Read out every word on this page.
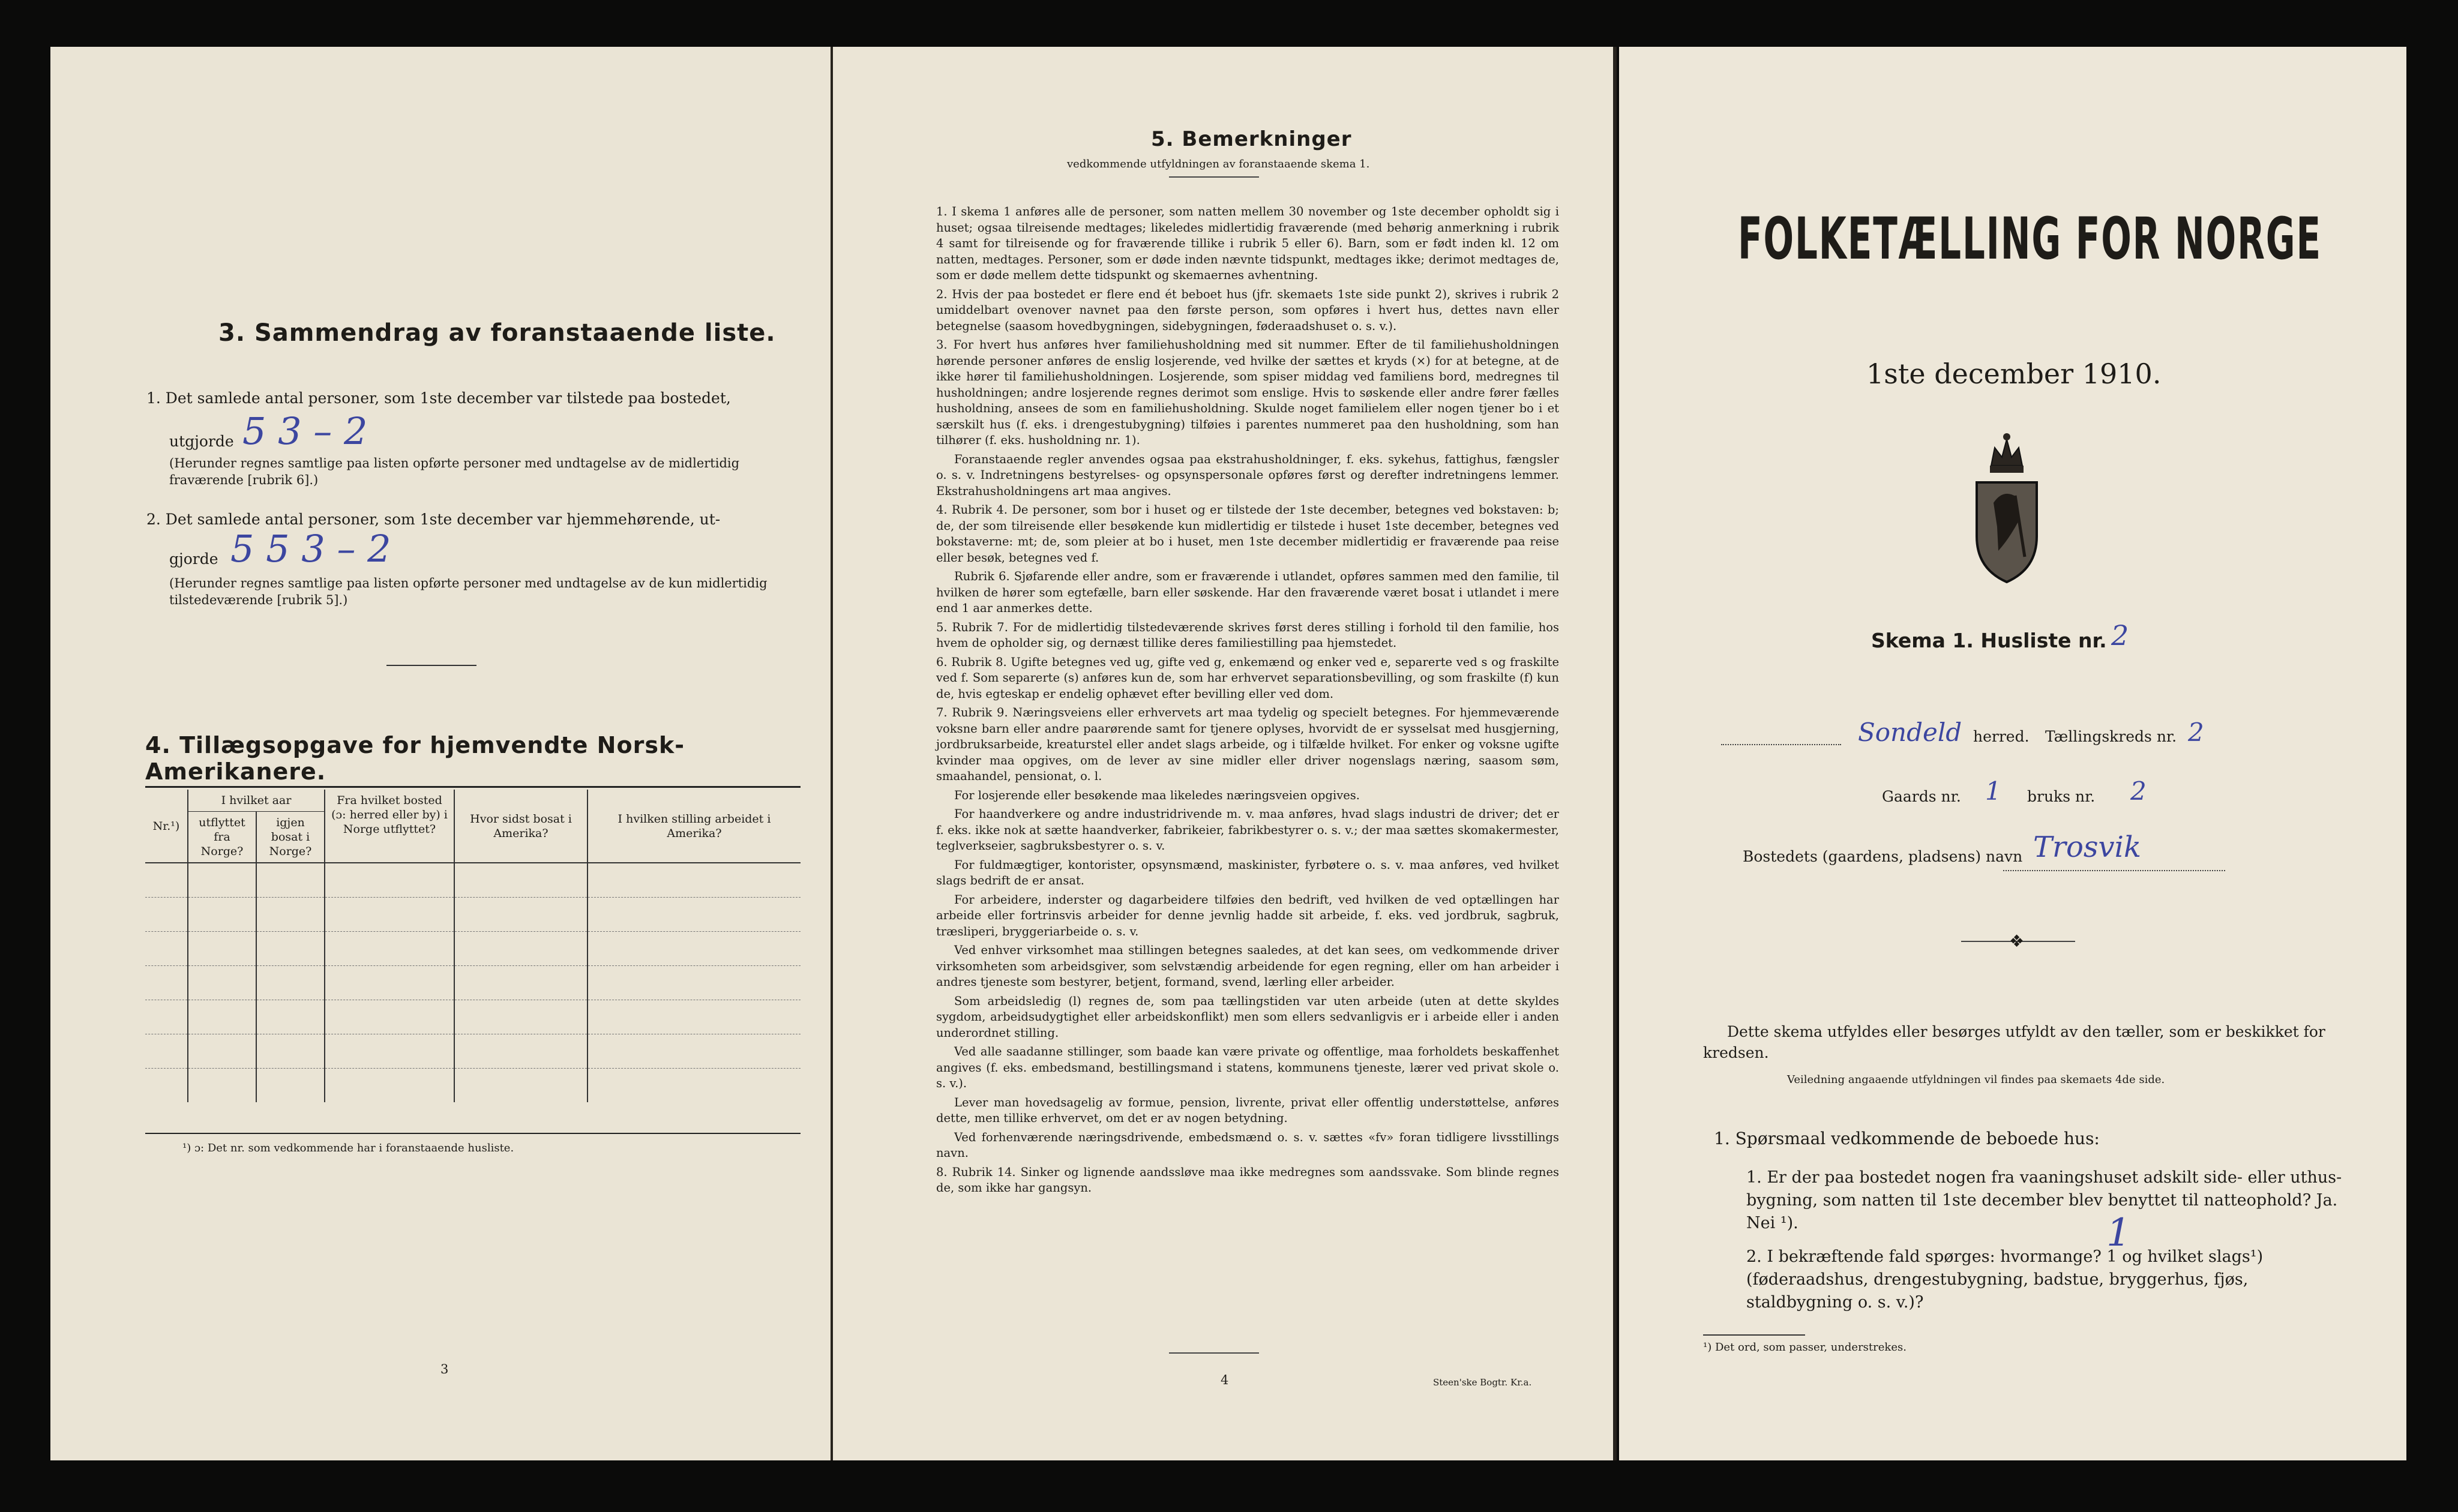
3. Sammendrag av foranstaaende liste.
1. Det samlede antal personer, som 1ste december var tilstede paa bostedet,
utgjorde 5 3 – 2
(Herunder regnes samtlige paa listen opførte personer med undtagelse av de midlertidig fraværende [rubrik 6].)
2. Det samlede antal personer, som 1ste december var hjemmehørende, ut-
gjorde 5 5 3 – 2
(Herunder regnes samtlige paa listen opførte personer med undtagelse av de kun midlertidig tilstedeværende [rubrik 5].)
4. Tillægsopgave for hjemvendte Norsk-Amerikanere.
Nr.¹)	I hvilket aar		Fra hvilket bosted (ɔ: herred eller by) i Norge utflyttet?	Hvor sidst bosat i Amerika?	I hvilken stilling arbeidet i Amerika?
	utflyttet fra Norge?	igjen bosat i Norge?			

¹) ɔ: Det nr. som vedkommende har i foranstaaende husliste.
3
5. Bemerkninger
vedkommende utfyldningen av foranstaaende skema 1.

1. I skema 1 anføres alle de personer, som natten mellem 30 november og 1ste december opholdt sig i huset; ogsaa tilreisende medtages; likeledes midlertidig fraværende (med behørig anmerkning i rubrik 4 samt for tilreisende og for fraværende tillike i rubrik 5 eller 6). Barn, som er født inden kl. 12 om natten, medtages. Personer, som er døde inden nævnte tidspunkt, medtages ikke; derimot medtages de, som er døde mellem dette tidspunkt og skemaernes avhentning.

2. Hvis der paa bostedet er flere end ét beboet hus (jfr. skemaets 1ste side punkt 2), skrives i rubrik 2 umiddelbart ovenover navnet paa den første person, som opføres i hvert hus, dettes navn eller betegnelse (saasom hovedbygningen, sidebygningen, føderaadshuset o. s. v.).

3. For hvert hus anføres hver familiehusholdning med sit nummer. Efter de til familiehusholdningen hørende personer anføres de enslig losjerende, ved hvilke der sættes et kryds (×) for at betegne, at de ikke hører til familiehusholdningen. Losjerende, som spiser middag ved familiens bord, medregnes til husholdningen; andre losjerende regnes derimot som enslige. Hvis to søskende eller andre fører fælles husholdning, ansees de som en familiehusholdning. Skulde noget familielem eller nogen tjener bo i et særskilt hus (f. eks. i drengestubygning) tilføies i parentes nummeret paa den husholdning, som han tilhører (f. eks. husholdning nr. 1).

Foranstaaende regler anvendes ogsaa paa ekstrahusholdninger, f. eks. sykehus, fattighus, fængsler o. s. v. Indretningens bestyrelses- og opsynspersonale opføres først og derefter indretningens lemmer. Ekstrahusholdningens art maa angives.

4. Rubrik 4. De personer, som bor i huset og er tilstede der 1ste december, betegnes ved bokstaven: b; de, der som tilreisende eller besøkende kun midlertidig er tilstede i huset 1ste december, betegnes ved bokstaverne: mt; de, som pleier at bo i huset, men 1ste december midlertidig er fraværende paa reise eller besøk, betegnes ved f.

Rubrik 6. Sjøfarende eller andre, som er fraværende i utlandet, opføres sammen med den familie, til hvilken de hører som egtefælle, barn eller søskende. Har den fraværende været bosat i utlandet i mere end 1 aar anmerkes dette.

5. Rubrik 7. For de midlertidig tilstedeværende skrives først deres stilling i forhold til den familie, hos hvem de opholder sig, og dernæst tillike deres familiestilling paa hjemstedet.

6. Rubrik 8. Ugifte betegnes ved ug, gifte ved g, enkemænd og enker ved e, separerte ved s og fraskilte ved f. Som separerte (s) anføres kun de, som har erhvervet separationsbevilling, og som fraskilte (f) kun de, hvis egteskap er endelig ophævet efter bevilling eller ved dom.

7. Rubrik 9. Næringsveiens eller erhvervets art maa tydelig og specielt betegnes. For hjemmeværende voksne barn eller andre paarørende samt for tjenere oplyses, hvorvidt de er sysselsat med husgjerning, jordbruksarbeide, kreaturstel eller andet slags arbeide, og i tilfælde hvilket. For enker og voksne ugifte kvinder maa opgives, om de lever av sine midler eller driver nogenslags næring, saasom søm, smaahandel, pensionat, o. l.

For losjerende eller besøkende maa likeledes næringsveien opgives.

For haandverkere og andre industridrivende m. v. maa anføres, hvad slags industri de driver; det er f. eks. ikke nok at sætte haandverker, fabrikeier, fabrikbestyrer o. s. v.; der maa sættes skomakermester, teglverkseier, sagbruksbestyrer o. s. v.

For fuldmægtiger, kontorister, opsynsmænd, maskinister, fyrbøtere o. s. v. maa anføres, ved hvilket slags bedrift de er ansat.

For arbeidere, inderster og dagarbeidere tilføies den bedrift, ved hvilken de ved optællingen har arbeide eller fortrinsvis arbeider for denne jevnlig hadde sit arbeide, f. eks. ved jordbruk, sagbruk, træsliperi, bryggeriarbeide o. s. v.

Ved enhver virksomhet maa stillingen betegnes saaledes, at det kan sees, om vedkommende driver virksomheten som arbeidsgiver, som selvstændig arbeidende for egen regning, eller om han arbeider i andres tjeneste som bestyrer, betjent, formand, svend, lærling eller arbeider.

Som arbeidsledig (l) regnes de, som paa tællingstiden var uten arbeide (uten at dette skyldes sygdom, arbeidsudygtighet eller arbeidskonflikt) men som ellers sedvanligvis er i arbeide eller i anden underordnet stilling.

Ved alle saadanne stillinger, som baade kan være private og offentlige, maa forholdets beskaffenhet angives (f. eks. embedsmand, bestillingsmand i statens, kommunens tjeneste, lærer ved privat skole o. s. v.).

Lever man hovedsagelig av formue, pension, livrente, privat eller offentlig understøttelse, anføres dette, men tillike erhvervet, om det er av nogen betydning.

Ved forhenværende næringsdrivende, embedsmænd o. s. v. sættes «fv» foran tidligere livsstillings navn.

8. Rubrik 14. Sinker og lignende aandssløve maa ikke medregnes som aandssvake. Som blinde regnes de, som ikke har gangsyn.

4	Steen'ske Bogtr. Kr.a.
FOLKETÆLLING FOR NORGE
1ste december 1910.
Skema 1. Husliste nr. 2
Sondeld herred. Tællingskreds nr. 2
Gaards nr. 1 bruks nr. 2
Bostedets (gaardens, pladsens) navn Trosvik
❖
Dette skema utfyldes eller besørges utfyldt av den tæller, som er beskikket for kredsen.
Veiledning angaaende utfyldningen vil findes paa skemaets 4de side.
1. Spørsmaal vedkommende de beboede hus:
1. Er der paa bostedet nogen fra vaaningshuset adskilt side- eller uthus-bygning, som natten til 1ste december blev benyttet til natteophold? Ja. Nei ¹).
2. I bekræftende fald spørges: hvormange? 1 og hvilket slags¹) (føderaadshus, drengestubygning, badstue, bryggerhus, fjøs, staldbygning o. s. v.)?
1
¹) Det ord, som passer, understrekes.
